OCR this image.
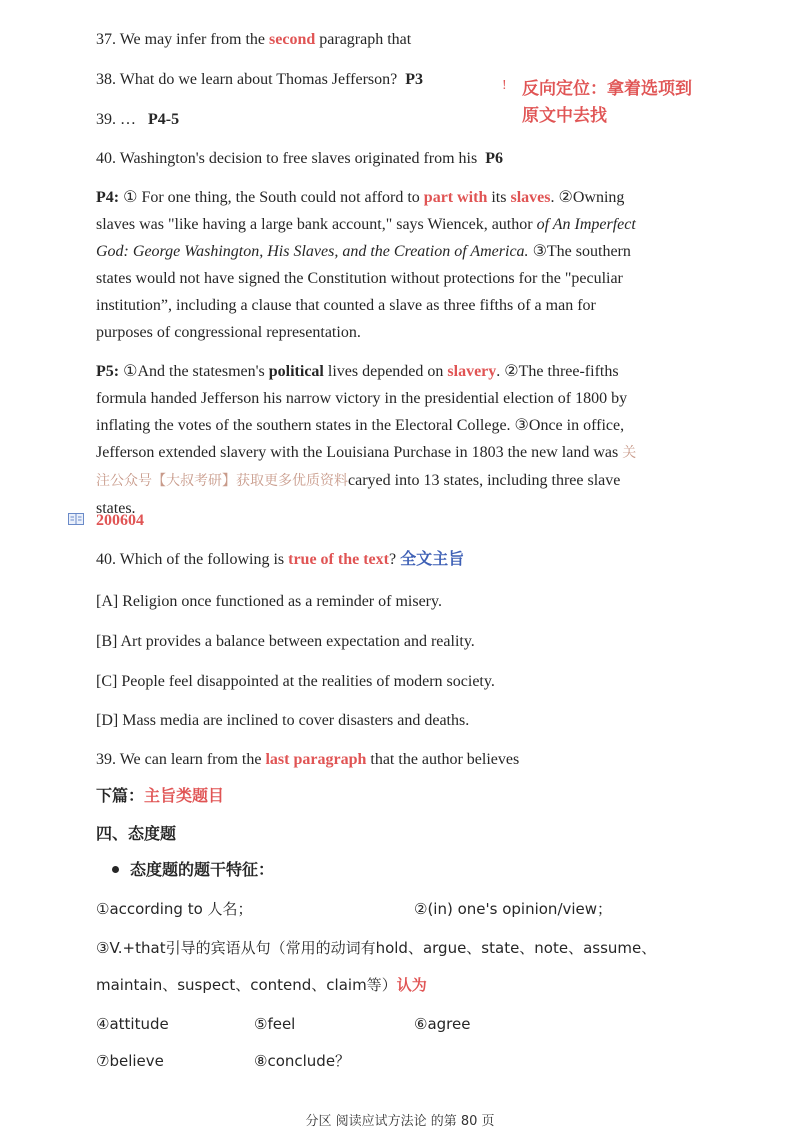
37. We may infer from the second paragraph that
38. What do we learn about Thomas Jefferson? P3	! 反向定位：拿着选项到
原文中去找
39. … P4-5
40. Washington's decision to free slaves originated from his P6

P4: ① For one thing, the South could not afford to part with its slaves. ②Owning

slaves was "like having a large bank account," says Wiencek, author of An Imperfect

God: George Washington, His Slaves, and the Creation of America. ③The southern

states would not have signed the Constitution without protections for the "peculiar

institution”, including a clause that counted a slave as three fifths of a man for

purposes of congressional representation.

P5: ①And the statesmen's political lives depended on slavery. ②The three-fifths

formula handed Jefferson his narrow victory in the presidential election of 1800 by

inflating the votes of the southern states in the Electoral College. ③Once in office,

Jefferson extended slavery with the Louisiana Purchase in 1803 the new land was 关

注公众号【大叔考研】获取更多优质资料caryed into 13 states, including three slave

states.

200604
40. Which of the following is true of the text? 全文主旨
[A] Religion once functioned as a reminder of misery.
[B] Art provides a balance between expectation and reality.
[C] People feel disappointed at the realities of modern society.
[D] Mass media are inclined to cover disasters and deaths.
39. We can learn from the last paragraph that the author believes
下篇：主旨类题目
四、态度题
态度题的题干特征：
①according to 人名；	②(in) one's opinion/view；
③V.+that引导的宾语从句（常用的动词有hold、argue、state、note、assume、
maintain、suspect、contend、claim等）认为
④attitude	⑤feel	⑥agree
⑦believe	⑧conclude？
分区 阅读应试方法论 的第 80 页
